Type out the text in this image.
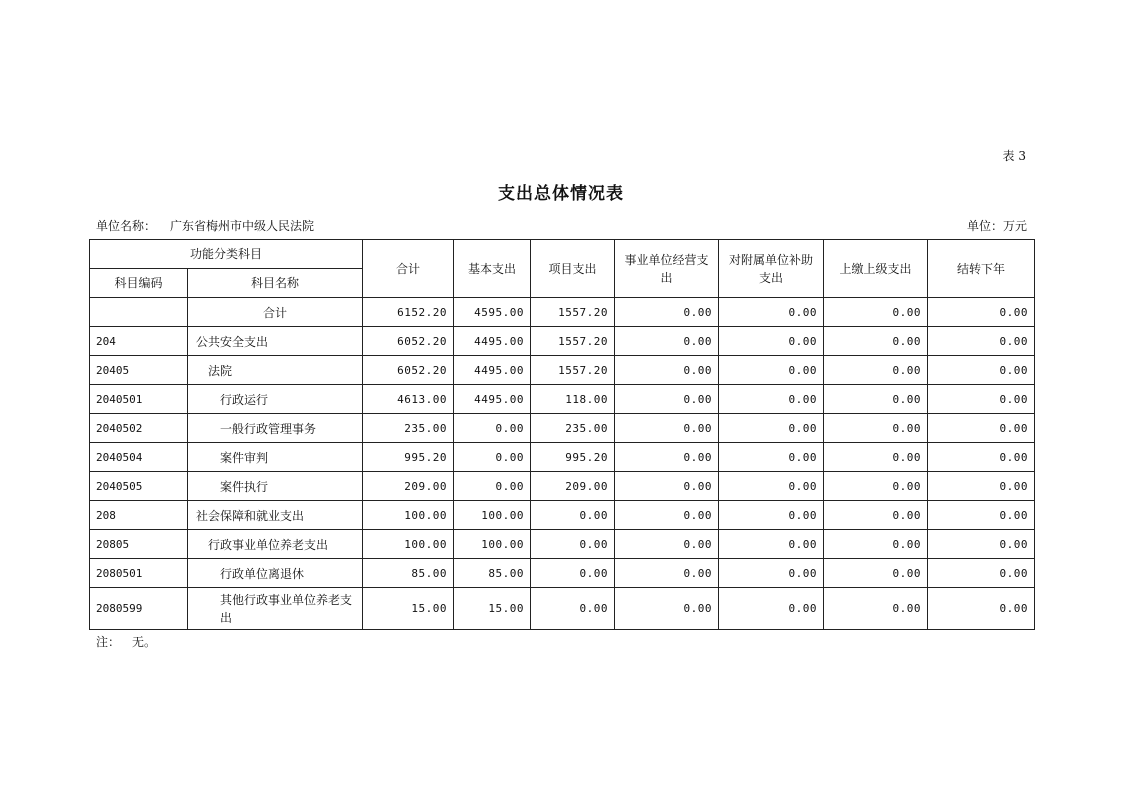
表 3
支出总体情况表
单位名称： 广东省梅州市中级人民法院	单位：万元
功能分类科目		合计	基本支出	项目支出	事业单位经营支出	对附属单位补助支出	上缴上级支出	结转下年
科目编码	科目名称							
	合计	6152.20	4595.00	1557.20	0.00	0.00	0.00	0.00
204	公共安全支出	6052.20	4495.00	1557.20	0.00	0.00	0.00	0.00
20405	法院	6052.20	4495.00	1557.20	0.00	0.00	0.00	0.00
2040501	行政运行	4613.00	4495.00	118.00	0.00	0.00	0.00	0.00
2040502	一般行政管理事务	235.00	0.00	235.00	0.00	0.00	0.00	0.00
2040504	案件审判	995.20	0.00	995.20	0.00	0.00	0.00	0.00
2040505	案件执行	209.00	0.00	209.00	0.00	0.00	0.00	0.00
208	社会保障和就业支出	100.00	100.00	0.00	0.00	0.00	0.00	0.00
20805	行政事业单位养老支出	100.00	100.00	0.00	0.00	0.00	0.00	0.00
2080501	行政单位离退休	85.00	85.00	0.00	0.00	0.00	0.00	0.00
2080599	其他行政事业单位养老支出	15.00	15.00	0.00	0.00	0.00	0.00	0.00
注： 无。
